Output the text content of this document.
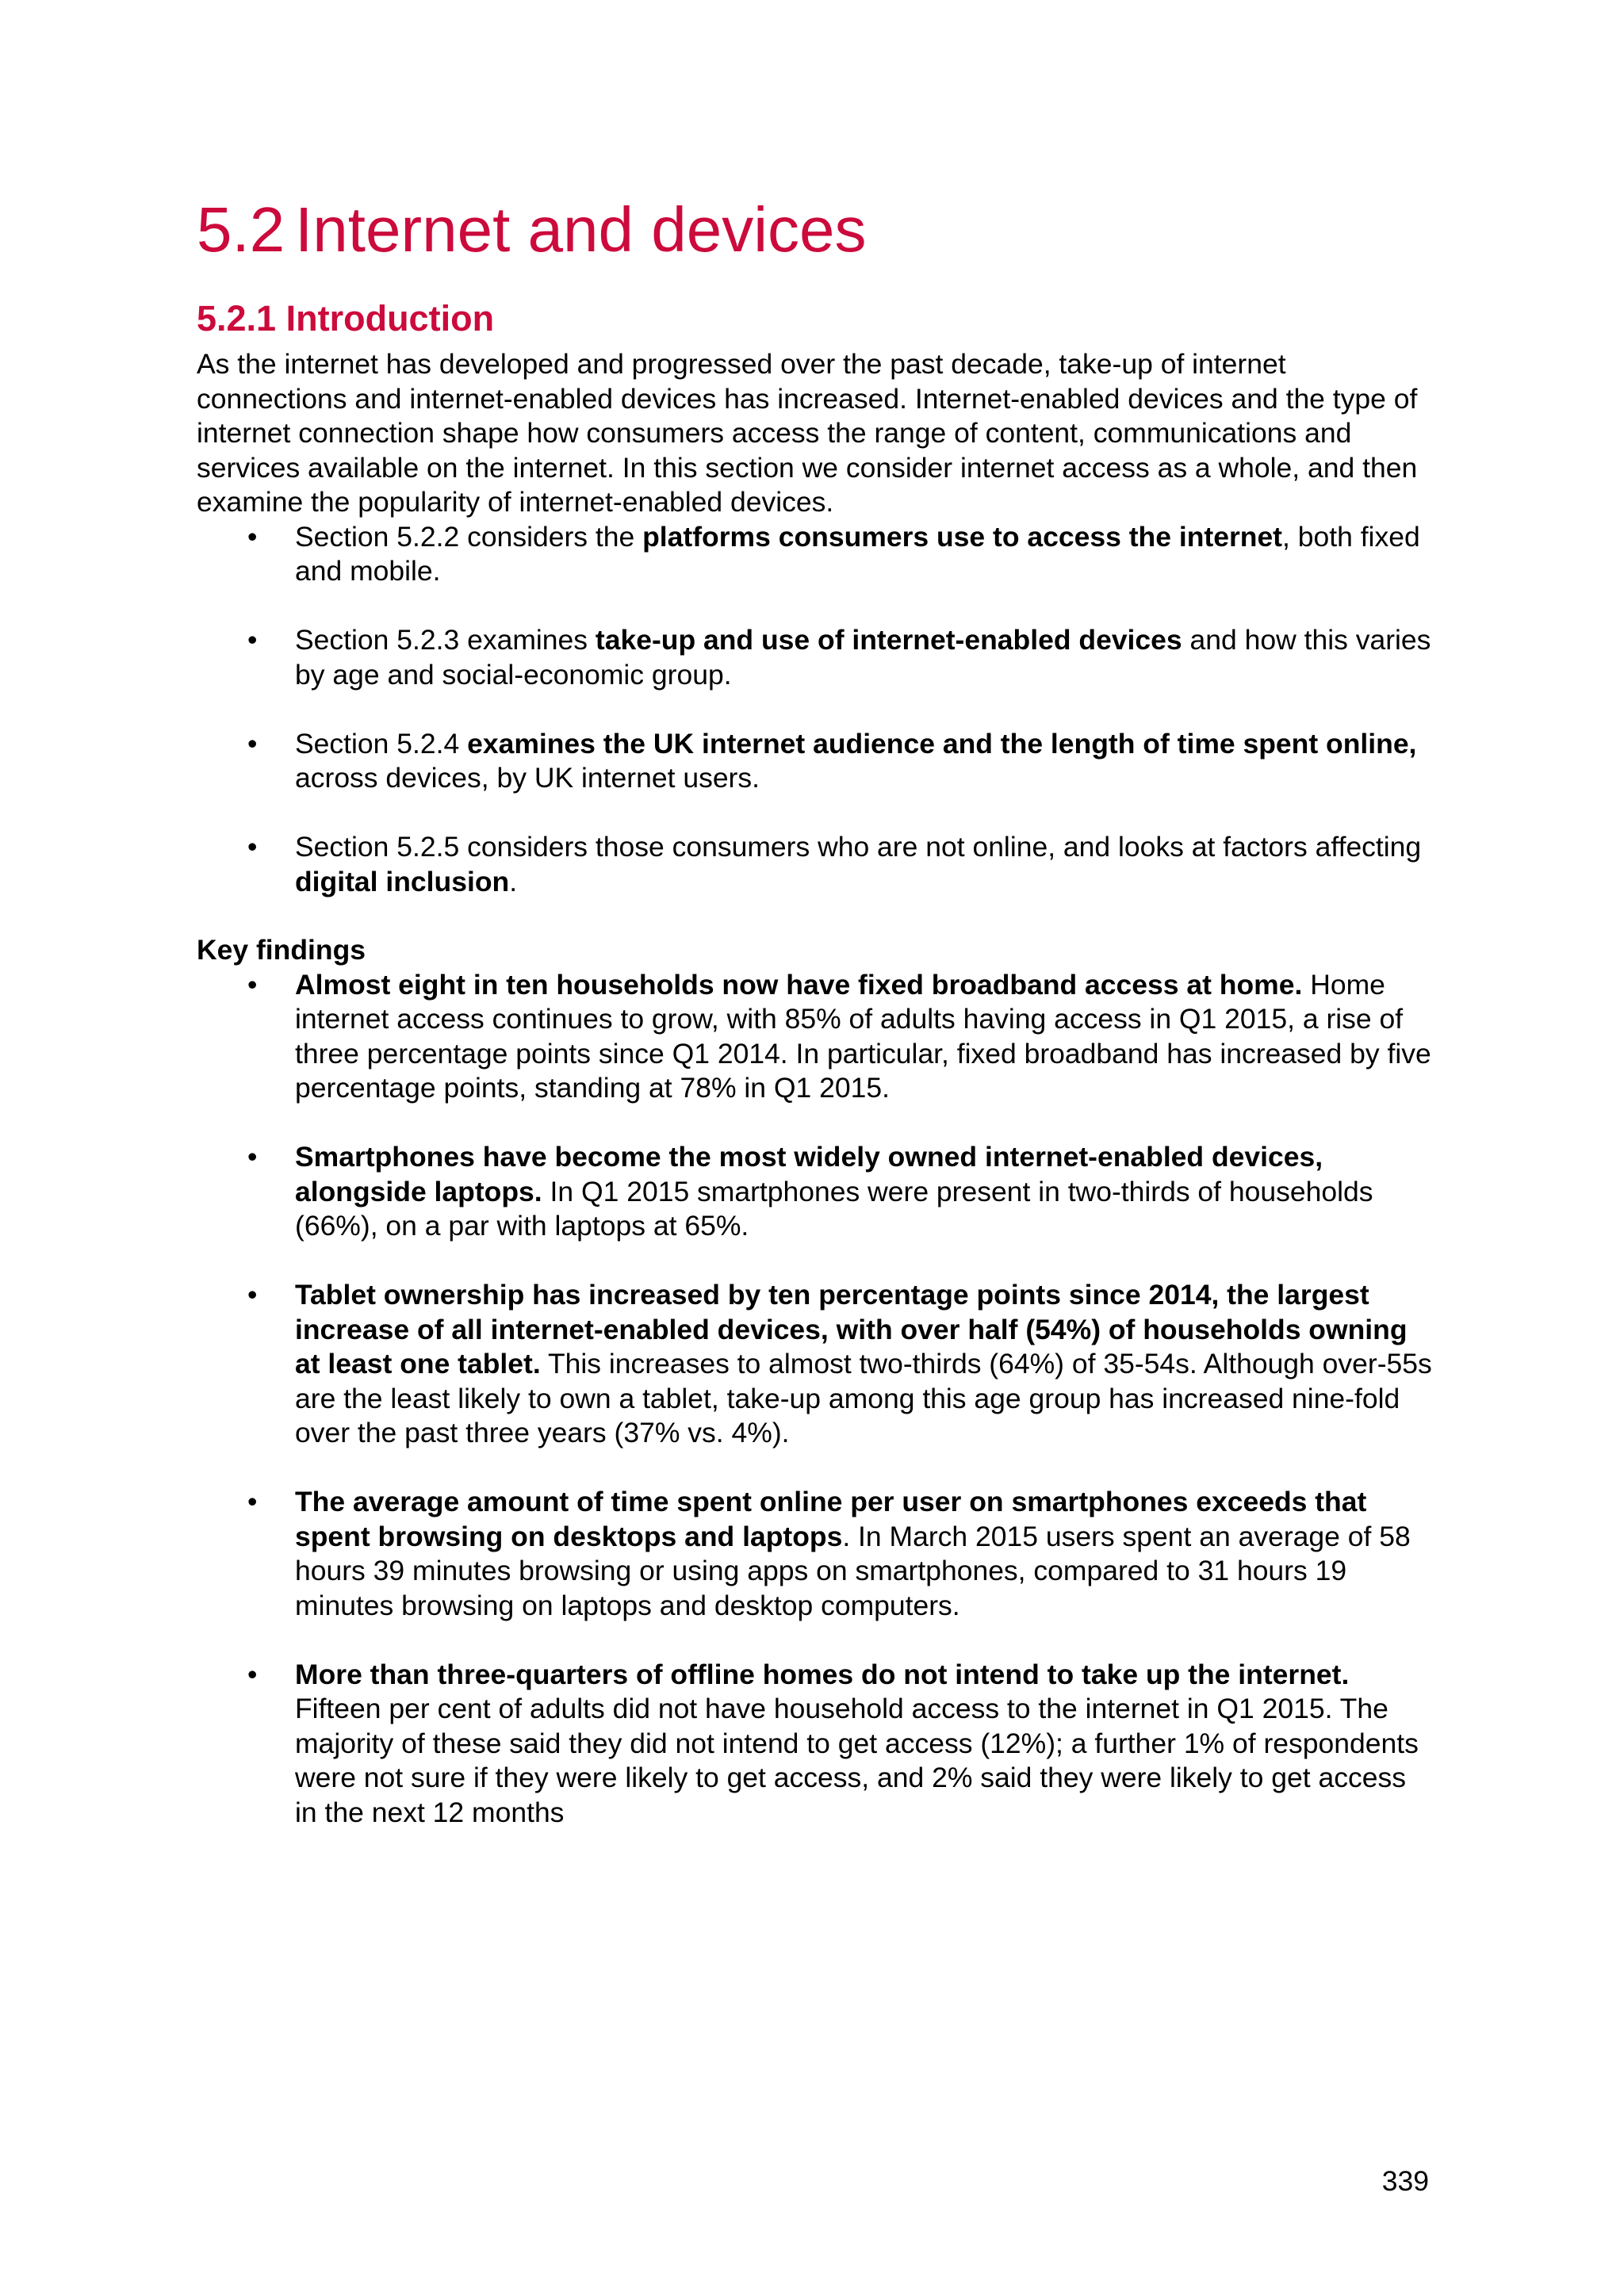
5.2 Internet and devices
5.2.1 Introduction

As the internet has developed and progressed over the past decade, take-up of internet connections and internet-enabled devices has increased. Internet-enabled devices and the type of internet connection shape how consumers access the range of content, communications and services available on the internet. In this section we consider internet access as a whole, and then examine the popularity of internet-enabled devices.

• Section 5.2.2 considers the platforms consumers use to access the internet, both fixed and mobile.
• Section 5.2.3 examines take-up and use of internet-enabled devices and how this varies by age and social-economic group.
• Section 5.2.4 examines the UK internet audience and the length of time spent online, across devices, by UK internet users.
• Section 5.2.5 considers those consumers who are not online, and looks at factors affecting digital inclusion.

Key findings

• Almost eight in ten households now have fixed broadband access at home. Home internet access continues to grow, with 85% of adults having access in Q1 2015, a rise of three percentage points since Q1 2014. In particular, fixed broadband has increased by five percentage points, standing at 78% in Q1 2015.
• Smartphones have become the most widely owned internet-enabled devices, alongside laptops. In Q1 2015 smartphones were present in two-thirds of households (66%), on a par with laptops at 65%.
• Tablet ownership has increased by ten percentage points since 2014, the largest increase of all internet-enabled devices, with over half (54%) of households owning at least one tablet. This increases to almost two-thirds (64%) of 35-54s. Although over-55s are the least likely to own a tablet, take-up among this age group has increased nine-fold over the past three years (37% vs. 4%).
• The average amount of time spent online per user on smartphones exceeds that spent browsing on desktops and laptops. In March 2015 users spent an average of 58 hours 39 minutes browsing or using apps on smartphones, compared to 31 hours 19 minutes browsing on laptops and desktop computers.
• More than three-quarters of offline homes do not intend to take up the internet. Fifteen per cent of adults did not have household access to the internet in Q1 2015. The majority of these said they did not intend to get access (12%); a further 1% of respondents were not sure if they were likely to get access, and 2% said they were likely to get access in the next 12 months
339
